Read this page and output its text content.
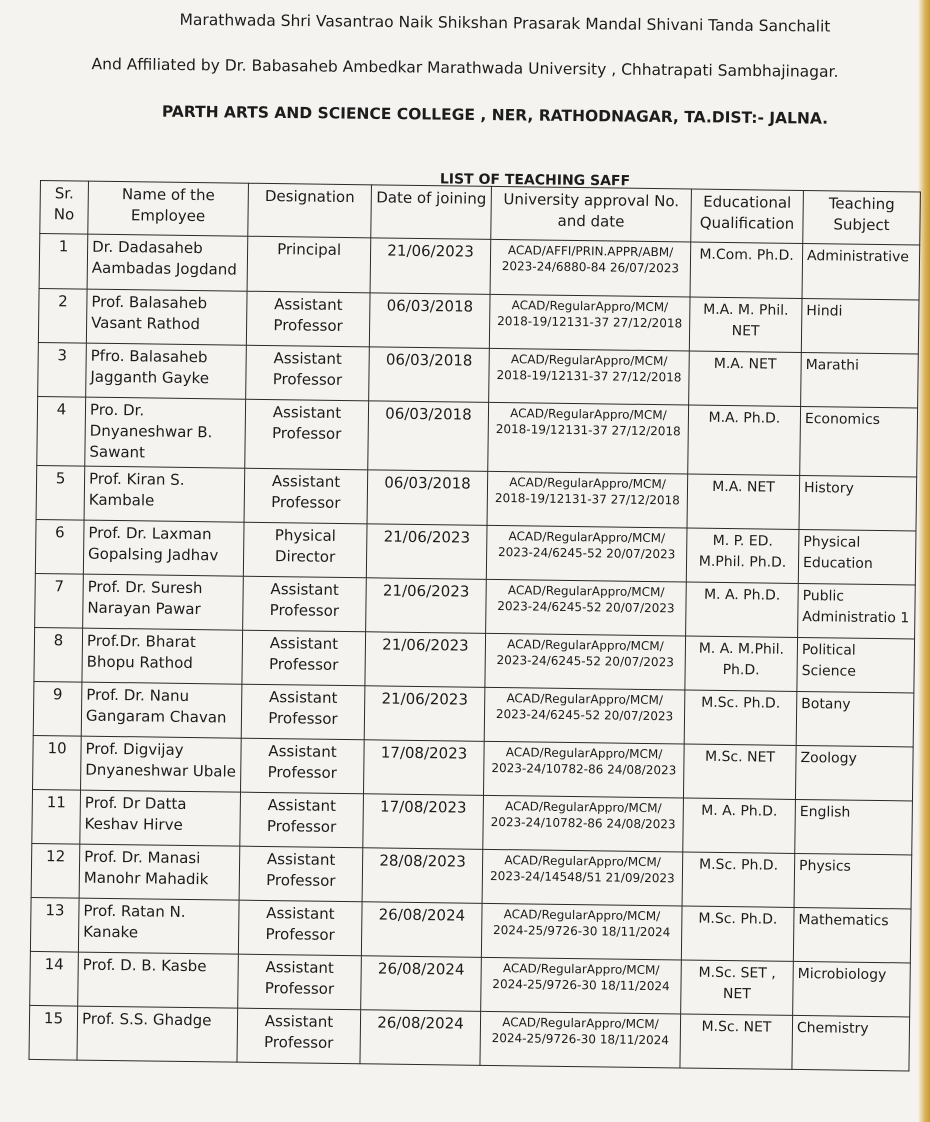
Marathwada Shri Vasantrao Naik Shikshan Prasarak Mandal Shivani Tanda Sanchalit
And Affiliated by Dr. Babasaheb Ambedkar Marathwada University , Chhatrapati Sambhajinagar.
PARTH ARTS AND SCIENCE COLLEGE , NER, RATHODNAGAR, TA.DIST:- JALNA.
LIST OF TEACHING SAFF
Sr. No	Name of the Employee	Designation	Date of joining	University approval No. and date	Educational Qualification	Teaching Subject
1	Dr. Dadasaheb Aambadas Jogdand	Principal	21/06/2023	ACAD/AFFI/PRIN.APPR/ABM/ 2023-24/6880-84 26/07/2023	M.Com. Ph.D.	Administrative
2	Prof. Balasaheb Vasant Rathod	Assistant Professor	06/03/2018	ACAD/RegularAppro/MCM/ 2018-19/12131-37 27/12/2018	M.A. M. Phil. NET	Hindi
3	Pfro. Balasaheb Jagganth Gayke	Assistant Professor	06/03/2018	ACAD/RegularAppro/MCM/ 2018-19/12131-37 27/12/2018	M.A. NET	Marathi
4	Pro. Dr. Dnyaneshwar B. Sawant	Assistant Professor	06/03/2018	ACAD/RegularAppro/MCM/ 2018-19/12131-37 27/12/2018	M.A. Ph.D.	Economics
5	Prof. Kiran S. Kambale	Assistant Professor	06/03/2018	ACAD/RegularAppro/MCM/ 2018-19/12131-37 27/12/2018	M.A. NET	History
6	Prof. Dr. Laxman Gopalsing Jadhav	Physical Director	21/06/2023	ACAD/RegularAppro/MCM/ 2023-24/6245-52 20/07/2023	M. P. ED. M.Phil. Ph.D.	Physical Education
7	Prof. Dr. Suresh Narayan Pawar	Assistant Professor	21/06/2023	ACAD/RegularAppro/MCM/ 2023-24/6245-52 20/07/2023	M. A. Ph.D.	Public Administratio 1
8	Prof.Dr. Bharat Bhopu Rathod	Assistant Professor	21/06/2023	ACAD/RegularAppro/MCM/ 2023-24/6245-52 20/07/2023	M. A. M.Phil. Ph.D.	Political Science
9	Prof. Dr. Nanu Gangaram Chavan	Assistant Professor	21/06/2023	ACAD/RegularAppro/MCM/ 2023-24/6245-52 20/07/2023	M.Sc. Ph.D.	Botany
10	Prof. Digvijay Dnyaneshwar Ubale	Assistant Professor	17/08/2023	ACAD/RegularAppro/MCM/ 2023-24/10782-86 24/08/2023	M.Sc. NET	Zoology
11	Prof. Dr Datta Keshav Hirve	Assistant Professor	17/08/2023	ACAD/RegularAppro/MCM/ 2023-24/10782-86 24/08/2023	M. A. Ph.D.	English
12	Prof. Dr. Manasi Manohr Mahadik	Assistant Professor	28/08/2023	ACAD/RegularAppro/MCM/ 2023-24/14548/51 21/09/2023	M.Sc. Ph.D.	Physics
13	Prof. Ratan N. Kanake	Assistant Professor	26/08/2024	ACAD/RegularAppro/MCM/ 2024-25/9726-30 18/11/2024	M.Sc. Ph.D.	Mathematics
14	Prof. D. B. Kasbe	Assistant Professor	26/08/2024	ACAD/RegularAppro/MCM/ 2024-25/9726-30 18/11/2024	M.Sc. SET , NET	Microbiology
15	Prof. S.S. Ghadge	Assistant Professor	26/08/2024	ACAD/RegularAppro/MCM/ 2024-25/9726-30 18/11/2024	M.Sc. NET	Chemistry
